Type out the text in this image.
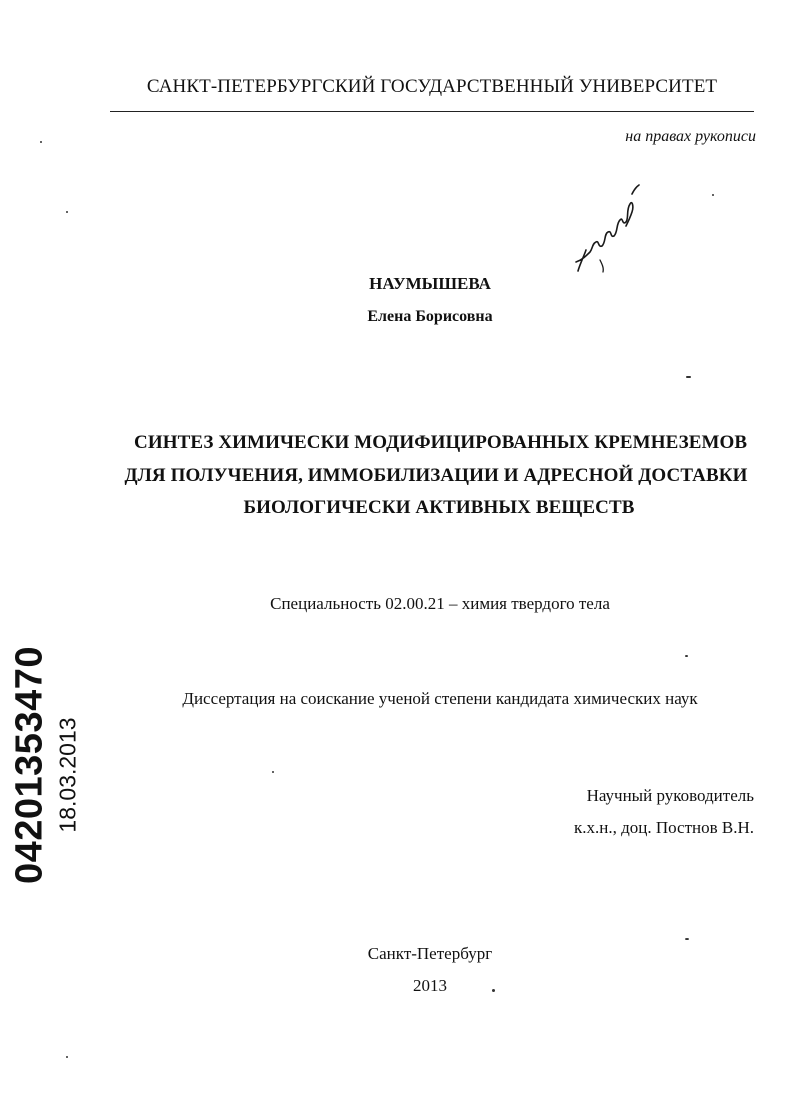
САНКТ-ПЕТЕРБУРГСКИЙ ГОСУДАРСТВЕННЫЙ УНИВЕРСИТЕТ
на правах рукописи
НАУМЫШЕВА
Елена Борисовна
СИНТЕЗ ХИМИЧЕСКИ МОДИФИЦИРОВАННЫХ КРЕМНЕЗЕМОВ
ДЛЯ ПОЛУЧЕНИЯ, ИММОБИЛИЗАЦИИ И АДРЕСНОЙ ДОСТАВКИ
БИОЛОГИЧЕСКИ АКТИВНЫХ ВЕЩЕСТВ
Специальность 02.00.21 – химия твердого тела
Диссертация на соискание ученой степени кандидата химических наук
Научный руководитель
к.х.н., доц. Постнов В.Н.
Санкт-Петербург
2013
04201353470 18.03.2013
